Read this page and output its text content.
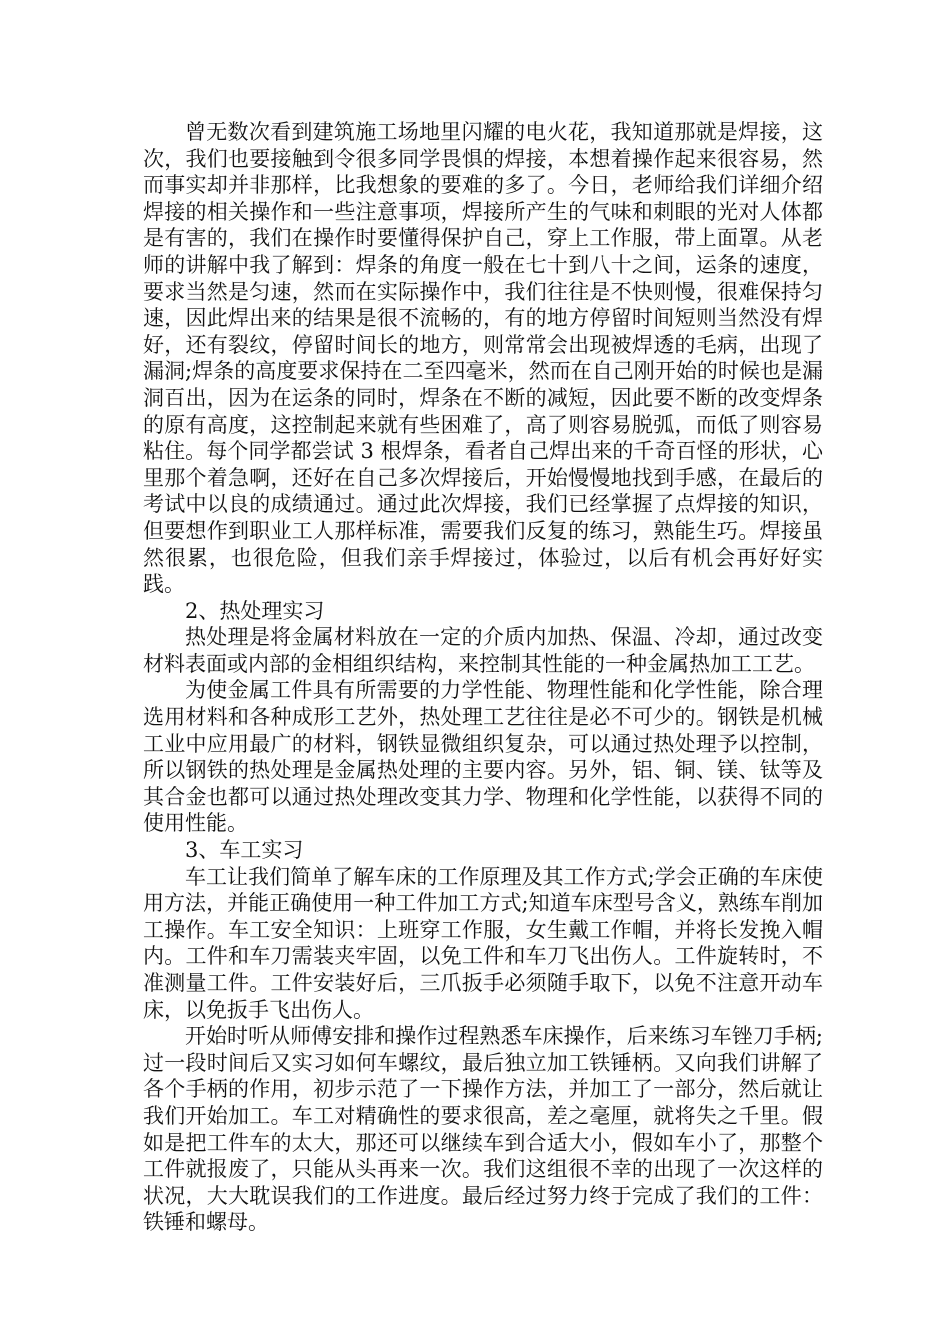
曾无数次看到建筑施工场地里闪耀的电火花，我知道那就是焊接，这次，我们也要接触到令很多同学畏惧的焊接，本想着操作起来很容易，然而事实却并非那样，比我想象的要难的多了。今日，老师给我们详细介绍焊接的相关操作和一些注意事项，焊接所产生的气味和刺眼的光对人体都是有害的，我们在操作时要懂得保护自己，穿上工作服，带上面罩。从老师的讲解中我了解到：焊条的角度一般在七十到八十之间，运条的速度，要求当然是匀速，然而在实际操作中，我们往往是不快则慢，很难保持匀速，因此焊出来的结果是很不流畅的，有的地方停留时间短则当然没有焊好，还有裂纹，停留时间长的地方，则常常会出现被焊透的毛病，出现了漏洞;焊条的高度要求保持在二至四毫米，然而在自己刚开始的时候也是漏洞百出，因为在运条的同时，焊条在不断的减短，因此要不断的改变焊条的原有高度，这控制起来就有些困难了，高了则容易脱弧，而低了则容易粘住。每个同学都尝试 3 根焊条，看者自己焊出来的千奇百怪的形状，心里那个着急啊，还好在自己多次焊接后，开始慢慢地找到手感，在最后的考试中以良的成绩通过。通过此次焊接，我们已经掌握了点焊接的知识，但要想作到职业工人那样标准，需要我们反复的练习，熟能生巧。焊接虽然很累，也很危险，但我们亲手焊接过，体验过，以后有机会再好好实践。

2、热处理实习

热处理是将金属材料放在一定的介质内加热、保温、冷却，通过改变材料表面或内部的金相组织结构，来控制其性能的一种金属热加工工艺。

为使金属工件具有所需要的力学性能、物理性能和化学性能，除合理选用材料和各种成形工艺外，热处理工艺往往是必不可少的。钢铁是机械工业中应用最广的材料，钢铁显微组织复杂，可以通过热处理予以控制，所以钢铁的热处理是金属热处理的主要内容。另外，铝、铜、镁、钛等及其合金也都可以通过热处理改变其力学、物理和化学性能，以获得不同的使用性能。

3、车工实习

车工让我们简单了解车床的工作原理及其工作方式;学会正确的车床使用方法，并能正确使用一种工件加工方式;知道车床型号含义，熟练车削加工操作。车工安全知识：上班穿工作服，女生戴工作帽，并将长发挽入帽内。工件和车刀需装夹牢固，以免工件和车刀飞出伤人。工件旋转时，不准测量工件。工件安装好后，三爪扳手必须随手取下，以免不注意开动车床，以免扳手飞出伤人。

开始时听从师傅安排和操作过程熟悉车床操作，后来练习车锉刀手柄;过一段时间后又实习如何车螺纹，最后独立加工铁锤柄。又向我们讲解了各个手柄的作用，初步示范了一下操作方法，并加工了一部分，然后就让我们开始加工。车工对精确性的要求很高，差之毫厘，就将失之千里。假如是把工件车的太大，那还可以继续车到合适大小，假如车小了，那整个工件就报废了，只能从头再来一次。我们这组很不幸的出现了一次这样的状况，大大耽误我们的工作进度。最后经过努力终于完成了我们的工件：铁锤和螺母。
